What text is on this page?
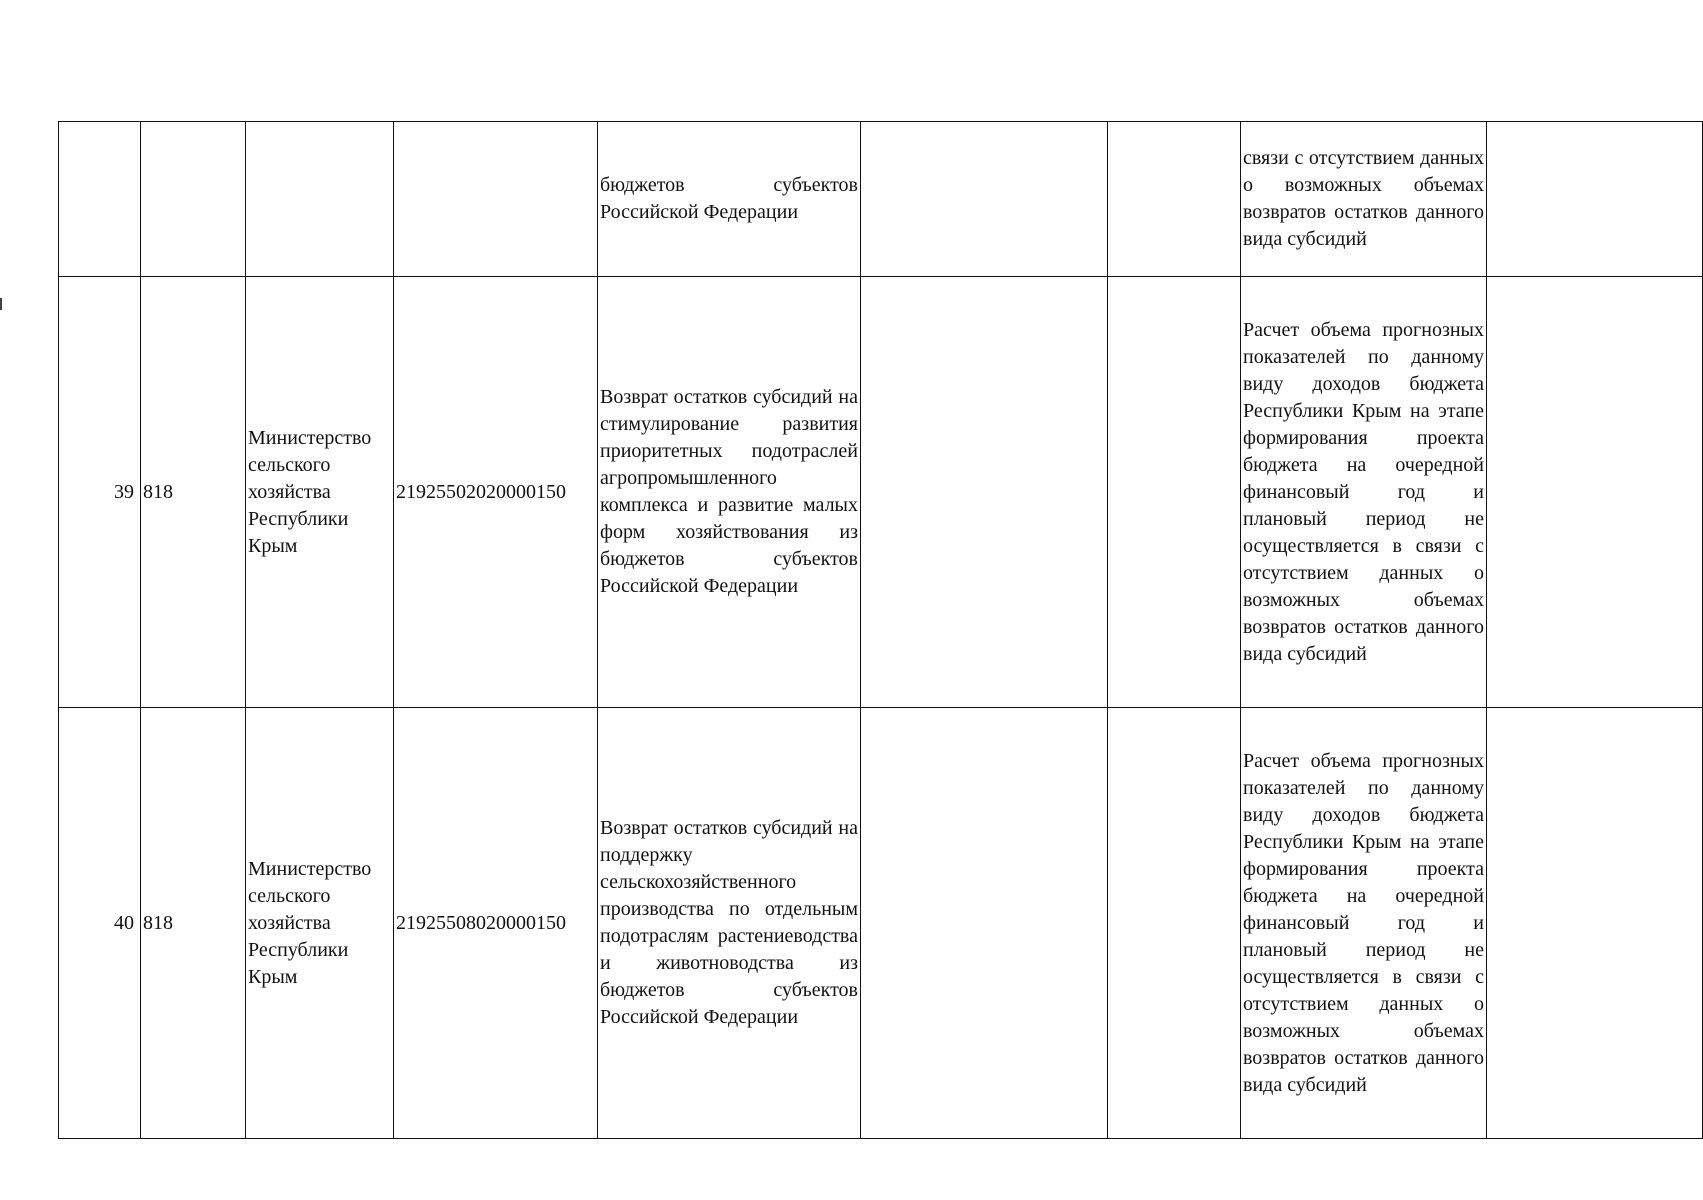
				бюджетов субъектов Российской Федерации			связи с отсутствием данных о возможных объемах возвратов остатков данного вида субсидий	
39	818	Министерство сельского хозяйства Республики Крым	21925502020000150	Возврат остатков субсидий на стимулирование развития приоритетных подотраслей агропромышленного комплекса и развитие малых форм хозяйствования из бюджетов субъектов Российской Федерации			Расчет объема прогнозных показателей по данному виду доходов бюджета Республики Крым на этапе формирования проекта бюджета на очередной финансовый год и плановый период не осуществляется в связи с отсутствием данных о возможных объемах возвратов остатков данного вида субсидий	
40	818	Министерство сельского хозяйства Республики Крым	21925508020000150	Возврат остатков субсидий на поддержку сельскохозяйственного производства по отдельным подотраслям растениеводства и животноводства из бюджетов субъектов Российской Федерации			Расчет объема прогнозных показателей по данному виду доходов бюджета Республики Крым на этапе формирования проекта бюджета на очередной финансовый год и плановый период не осуществляется в связи с отсутствием данных о возможных объемах возвратов остатков данного вида субсидий	
